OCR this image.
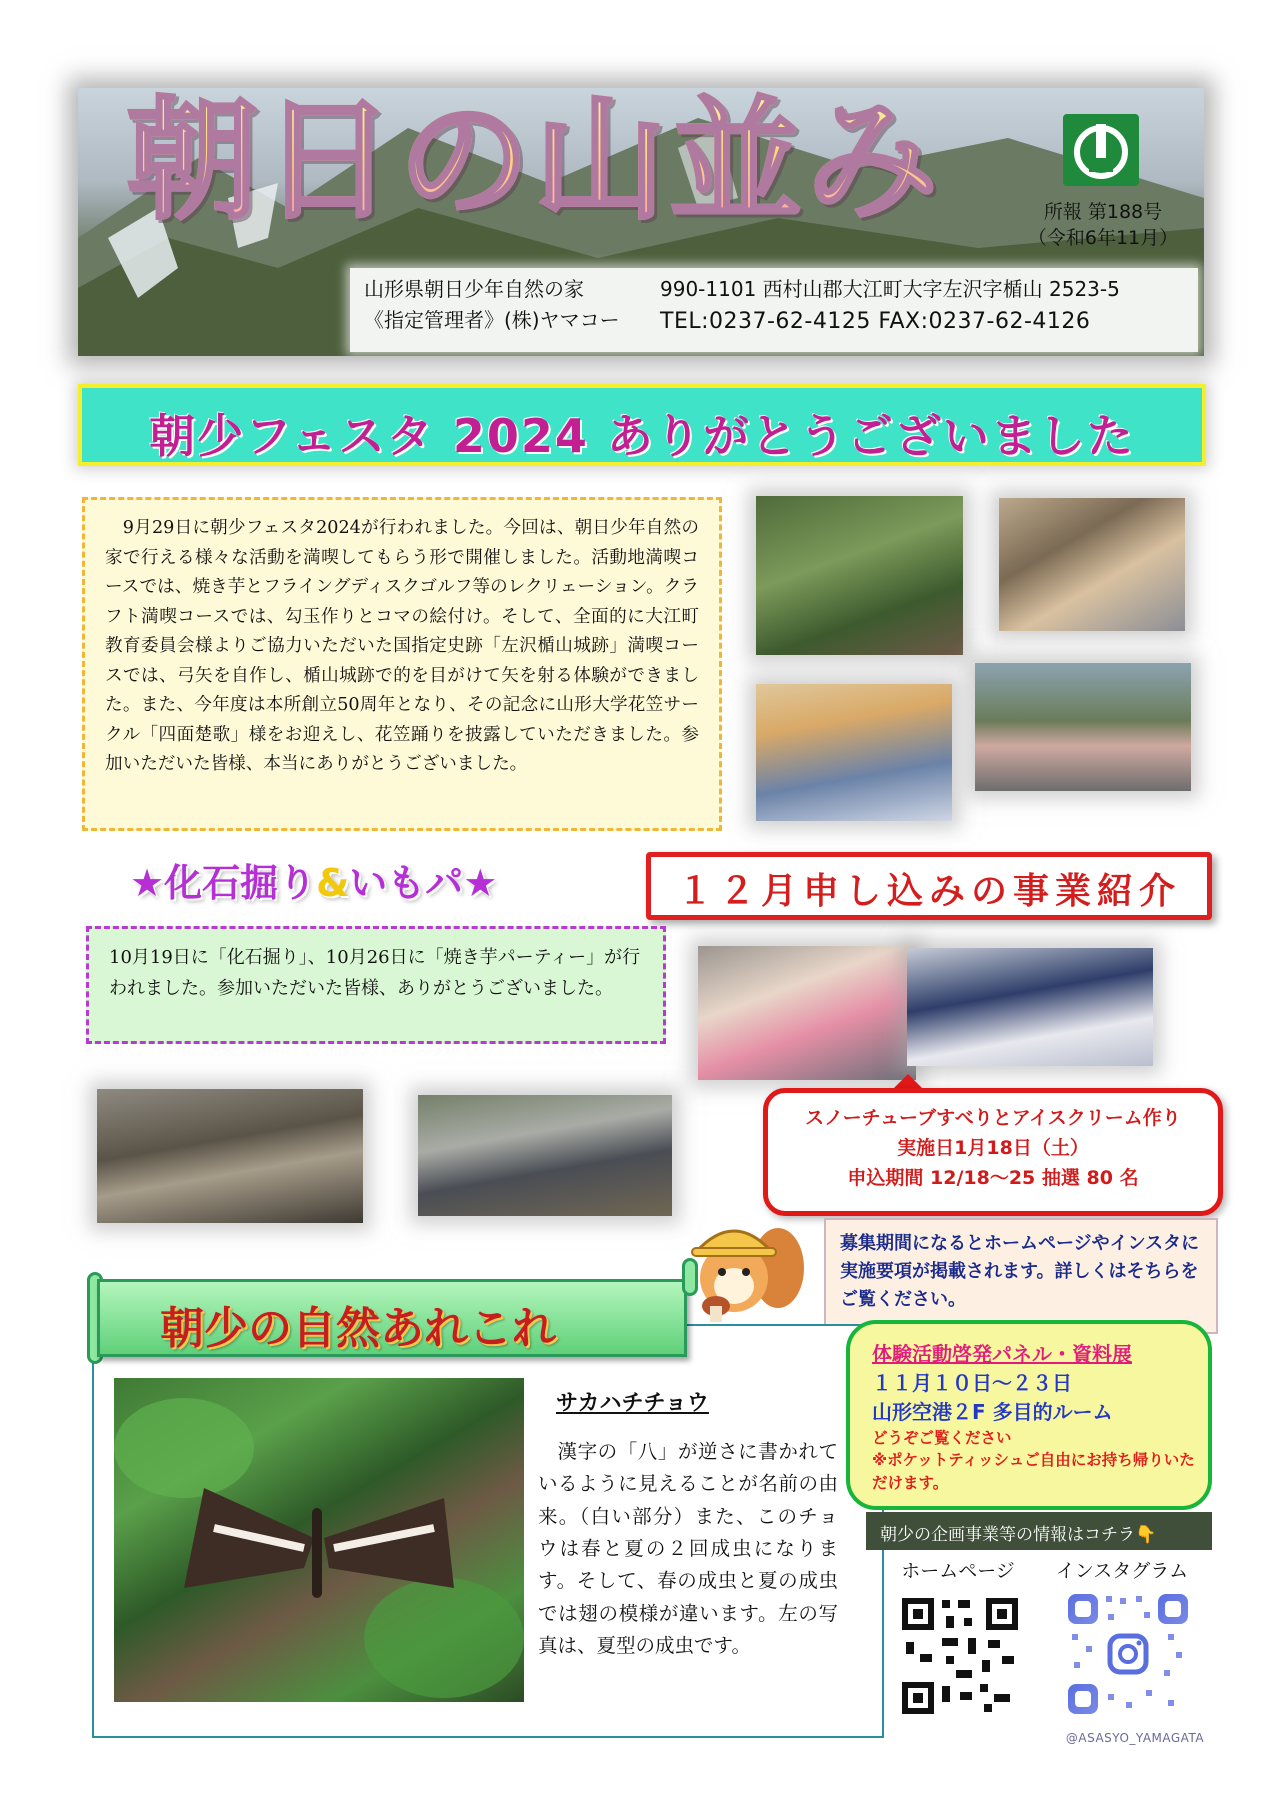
朝日の山並み	所報 第188号
（令和6年11月）
山形県朝日少年自然の家
《指定管理者》(株)ヤマコー
990-1101 西村山郡大江町大字左沢字楯山 2523-5
TEL:0237-62-4125 FAX:0237-62-4126
朝少フェスタ 2024 ありがとうございました
　9月29日に朝少フェスタ2024が行われました。今回は、朝日少年自然の家で行える様々な活動を満喫してもらう形で開催しました。活動地満喫コースでは、焼き芋とフライングディスクゴルフ等のレクリェーション。クラフト満喫コースでは、勾玉作りとコマの絵付け。そして、全面的に大江町教育委員会様よりご協力いただいた国指定史跡「左沢楯山城跡」満喫コースでは、弓矢を自作し、楯山城跡で的を目がけて矢を射る体験ができました。また、今年度は本所創立50周年となり、その記念に山形大学花笠サークル「四面楚歌」様をお迎えし、花笠踊りを披露していただきました。参加いただいた皆様、本当にありがとうございました。
★化石掘り&いもパ★	１２月申し込みの事業紹介
10月19日に「化石掘り」、10月26日に「焼き芋パーティー」が行われました。参加いただいた皆様、ありがとうございました。
スノーチューブすべりとアイスクリーム作り
実施日1月18日（土）
申込期間 12/18〜25 抽選 80 名
募集期間になるとホームページやインスタに実施要項が掲載されます。詳しくはそちらをご覧ください。
朝少の自然あれこれ
サカハチチョウ
漢字の「八」が逆さに書かれているように見えることが名前の由来。（白い部分）また、このチョウは春と夏の２回成虫になります。そして、春の成虫と夏の成虫では翅の模様が違います。左の写真は、夏型の成虫です。
体験活動啓発パネル・資料展
１１月１０日〜２３日
山形空港２F 多目的ルーム
どうぞご覧ください
※ポケットティッシュご自由にお持ち帰りいただけます。
朝少の企画事業等の情報はコチラ👇
ホームページ	インスタグラム
@ASASYO_YAMAGATA
